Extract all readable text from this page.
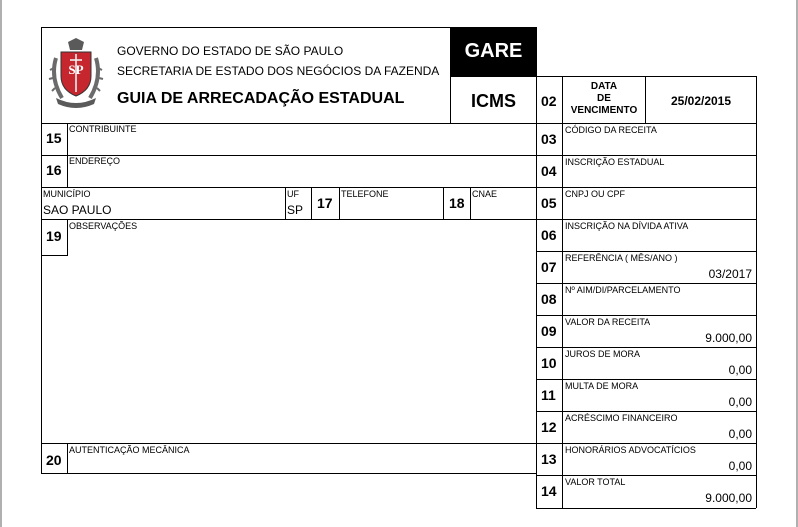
SP
GOVERNO DO ESTADO DE SÃO PAULO
SECRETARIA DE ESTADO DOS NEGÓCIOS DA FAZENDA
GUIA DE ARRECADAÇÃO ESTADUAL
GARE
ICMS	02
DATA
DE
VENCIMENTO
25/02/2015
15
CONTRIBUINTE
16
ENDEREÇO
MUNICÍPIO
SAO PAULO
UF
SP 17
TELEFONE
18
CNAE
19
OBSERVAÇÕES
20
AUTENTICAÇÃO MECÂNICA
03
CÓDIGO DA RECEITA
04
INSCRIÇÃO ESTADUAL
05
CNPJ OU CPF
06
INSCRIÇÃO NA DÍVIDA ATIVA
07
REFERÊNCIA ( MÊS/ANO )
03/2017
08
Nº AIM/DI/PARCELAMENTO
09
VALOR DA RECEITA
9.000,00
10
JUROS DE MORA
0,00
11
MULTA DE MORA
0,00
12
ACRÉSCIMO FINANCEIRO
0,00
13
HONORÁRIOS ADVOCATÍCIOS
0,00
14
VALOR TOTAL
9.000,00
